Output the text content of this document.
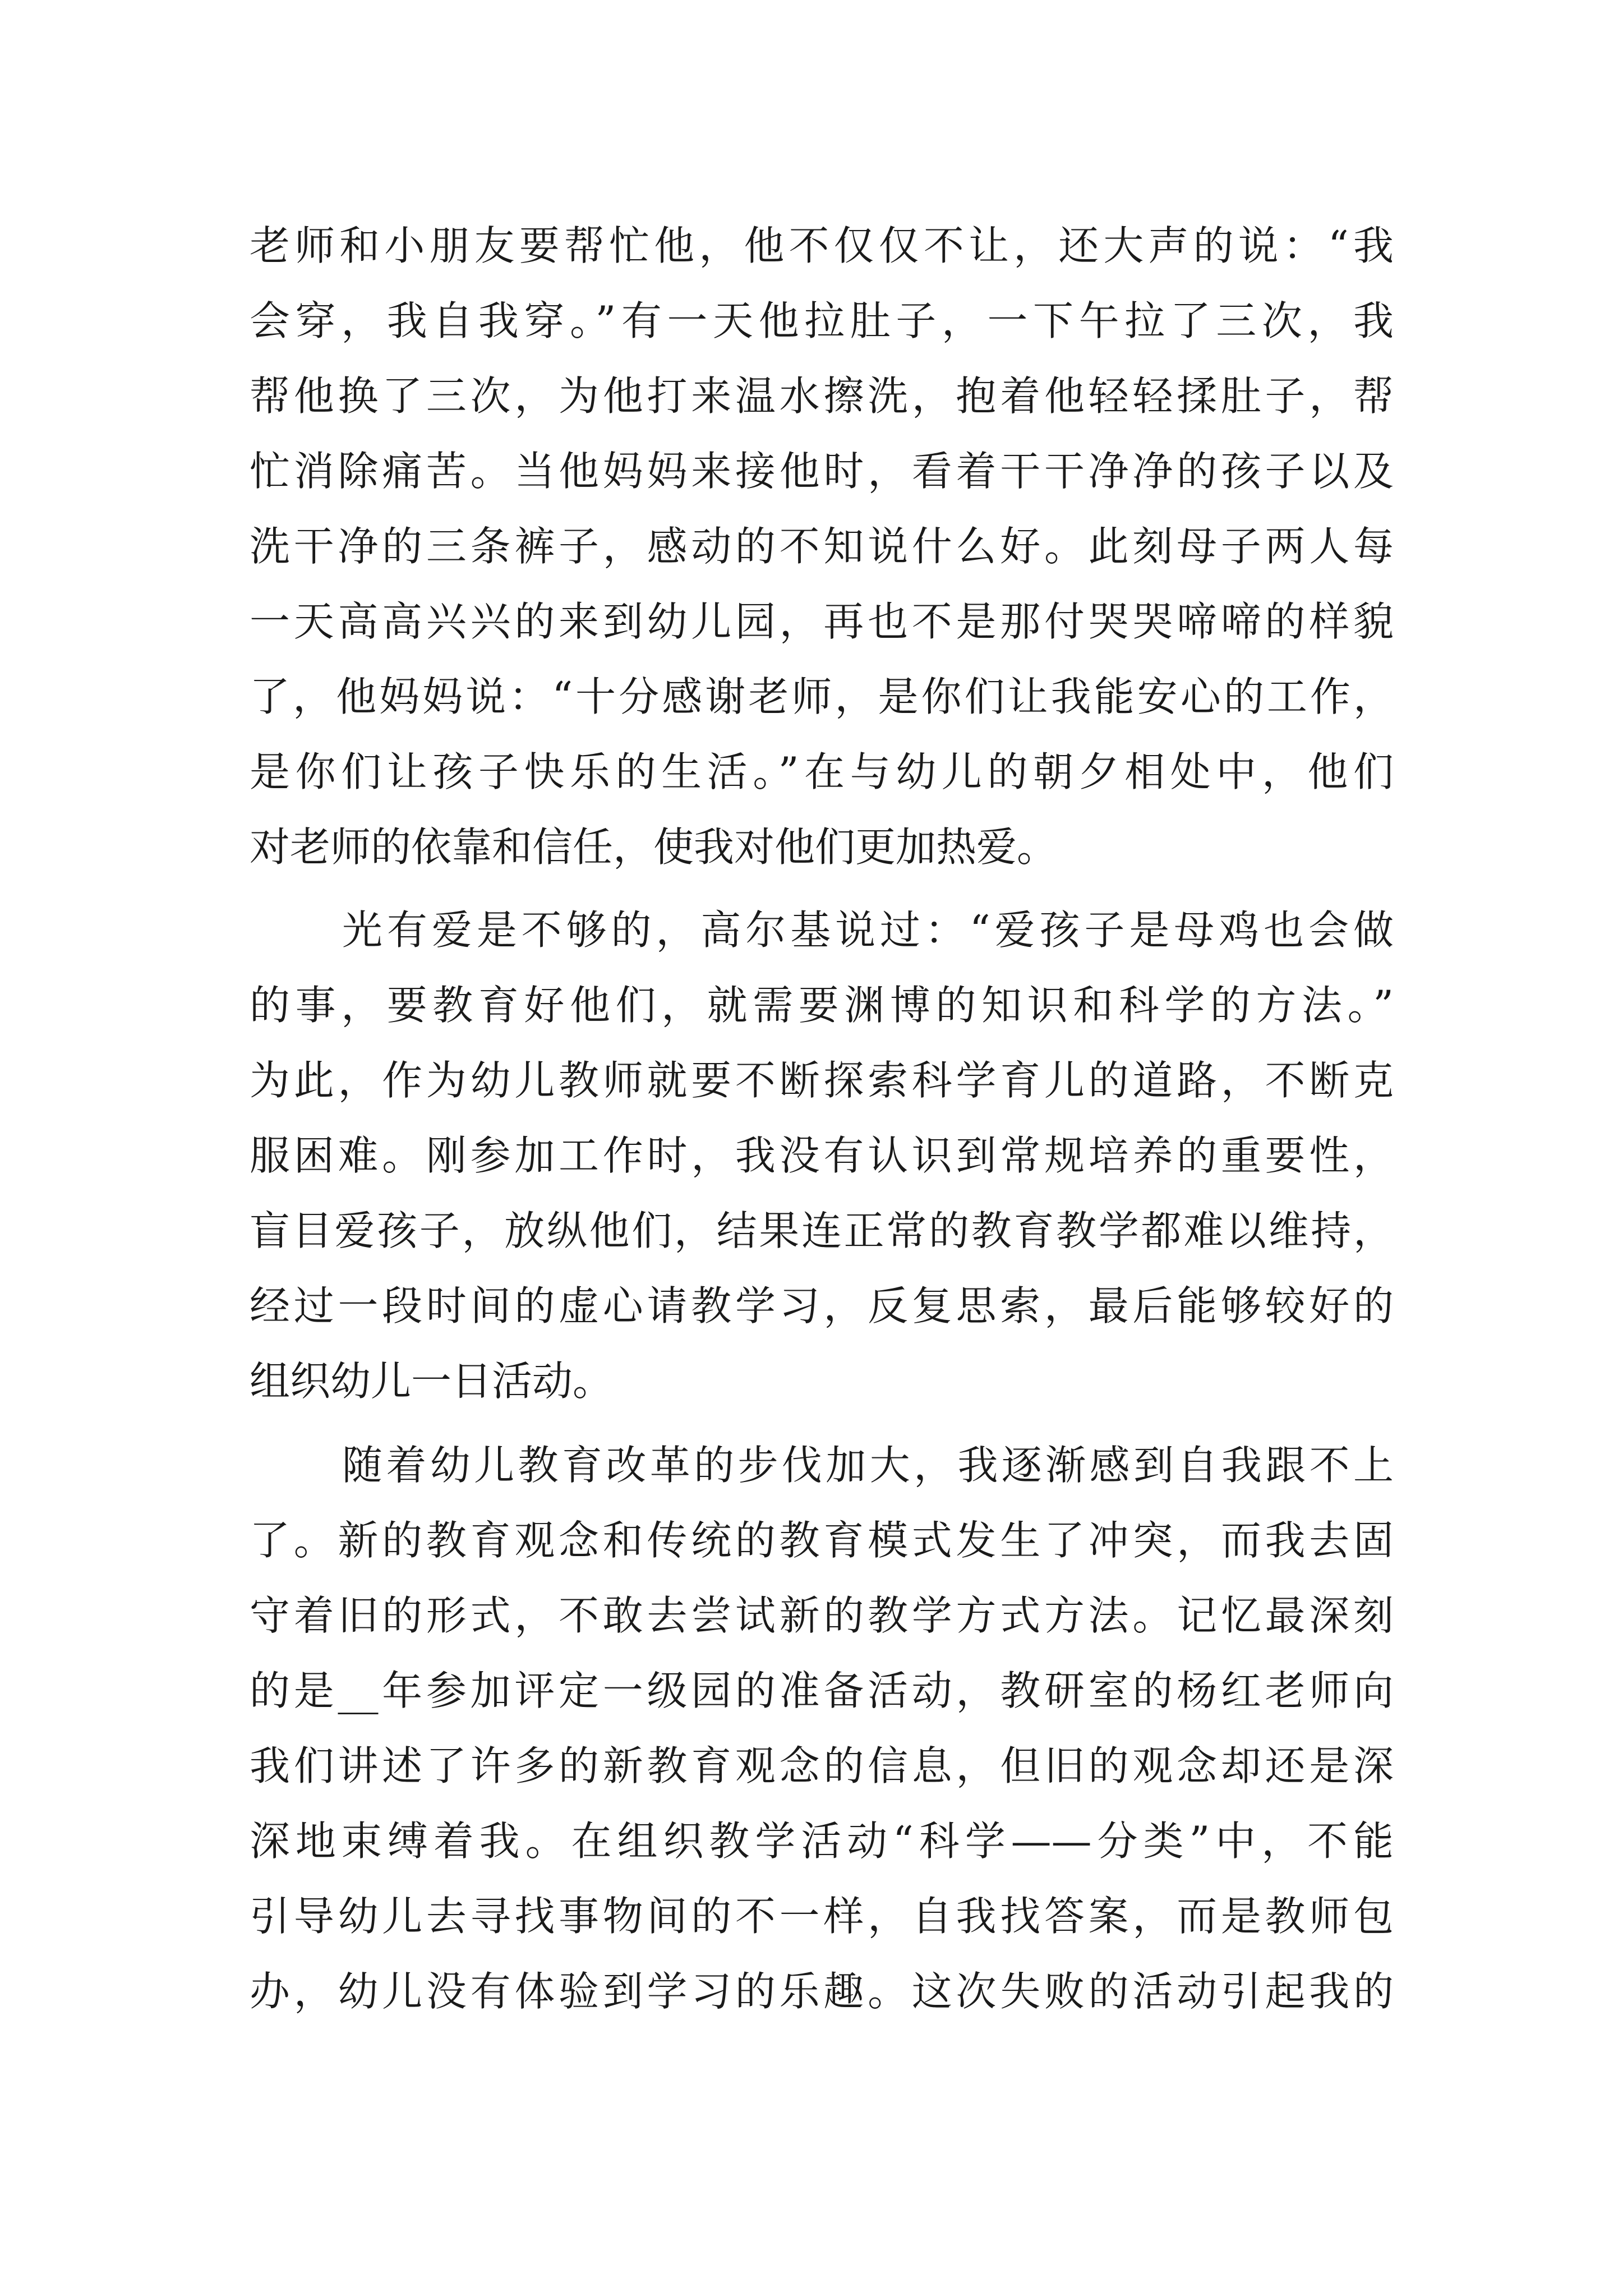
老师和小朋友要帮忙他，他不仅仅不让，还大声的说：“我
会穿，我自我穿。”有一天他拉肚子，一下午拉了三次，我
帮他换了三次，为他打来温水擦洗，抱着他轻轻揉肚子，帮
忙消除痛苦。当他妈妈来接他时，看着干干净净的孩子以及
洗干净的三条裤子，感动的不知说什么好。此刻母子两人每
一天高高兴兴的来到幼儿园，再也不是那付哭哭啼啼的样貌
了，他妈妈说：“十分感谢老师，是你们让我能安心的工作，
是你们让孩子快乐的生活。”在与幼儿的朝夕相处中，他们
对老师的依靠和信任，使我对他们更加热爱。
光有爱是不够的，高尔基说过：“爱孩子是母鸡也会做
的事，要教育好他们，就需要渊博的知识和科学的方法。”
为此，作为幼儿教师就要不断探索科学育儿的道路，不断克
服困难。刚参加工作时，我没有认识到常规培养的重要性，
盲目爱孩子，放纵他们，结果连正常的教育教学都难以维持，
经过一段时间的虚心请教学习，反复思索，最后能够较好的
组织幼儿一日活动。
随着幼儿教育改革的步伐加大，我逐渐感到自我跟不上
了。新的教育观念和传统的教育模式发生了冲突，而我去固
守着旧的形式，不敢去尝试新的教学方式方法。记忆最深刻
的是__年参加评定一级园的准备活动，教研室的杨红老师向
我们讲述了许多的新教育观念的信息，但旧的观念却还是深
深地束缚着我。在组织教学活动“科学——分类”中，不能
引导幼儿去寻找事物间的不一样，自我找答案，而是教师包
办，幼儿没有体验到学习的乐趣。这次失败的活动引起我的
